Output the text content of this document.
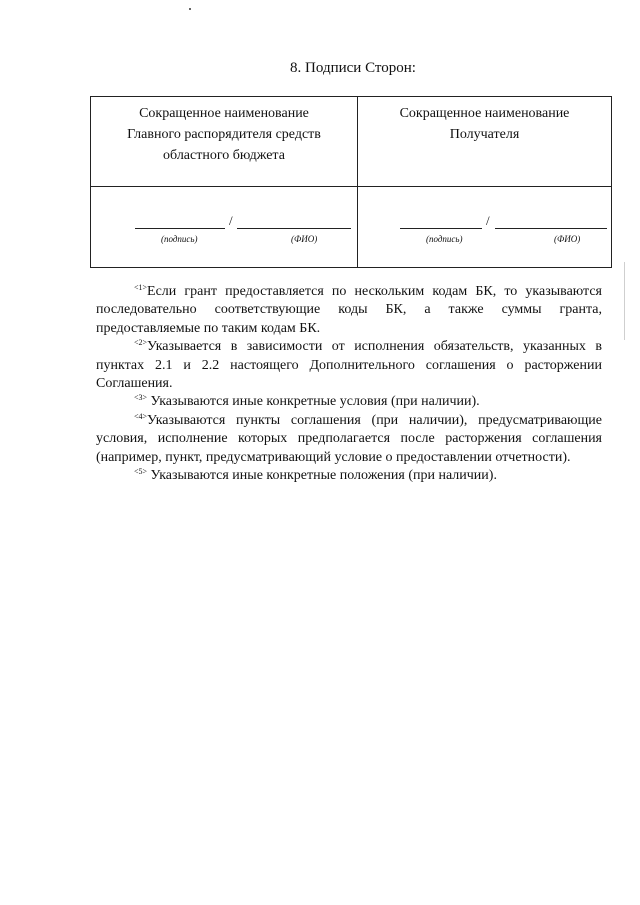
8. Подписи Сторон:
Сокращенное наименование
Главного распорядителя средств
областного бюджета
Сокращенное наименование
Получателя
/
(подпись)	(ФИО)
/
(подпись)	(ФИО)

$^{<1>}$Если грант предоставляется по нескольким кодам БК, то указываются последовательно соответствующие коды БК, а также суммы гранта, предоставляемые по таким кодам БК.

$^{<2>}$Указывается в зависимости от исполнения обязательств, указанных в пунктах 2.1 и 2.2 настоящего Дополнительного соглашения о расторжении Соглашения.

$^{<3>}$ Указываются иные конкретные условия (при наличии).

$^{<4>}$Указываются пункты соглашения (при наличии), предусматривающие условия, исполнение которых предполагается после расторжения соглашения (например, пункт, предусматривающий условие о предоставлении отчетности).

$^{<5>}$ Указываются иные конкретные положения (при наличии).
